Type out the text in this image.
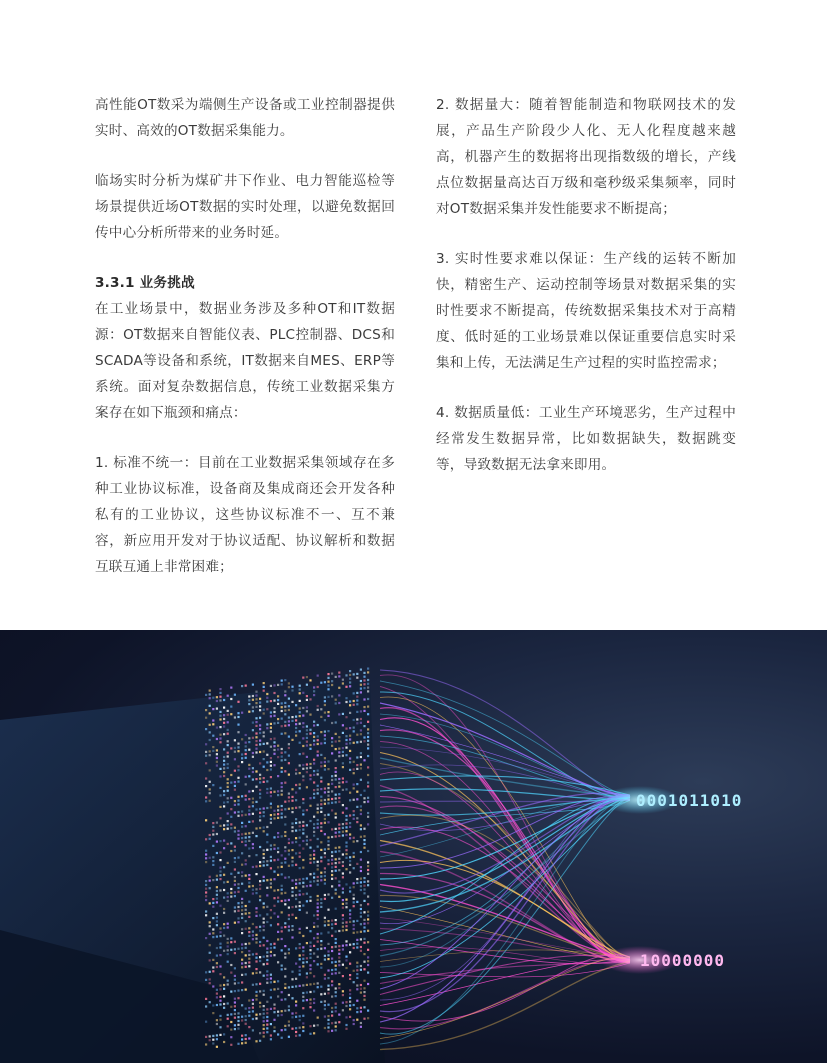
高性能OT数采为端侧生产设备或工业控制器提供实时、高效的OT数据采集能力。

临场实时分析为煤矿井下作业、电力智能巡检等场景提供近场OT数据的实时处理，以避免数据回传中心分析所带来的业务时延。

3.3.1 业务挑战

在工业场景中，数据业务涉及多种OT和IT数据源：OT数据来自智能仪表、PLC控制器、DCS和SCADA等设备和系统，IT数据来自MES、ERP等系统。面对复杂数据信息，传统工业数据采集方案存在如下瓶颈和痛点：

1. 标准不统一：目前在工业数据采集领域存在多种工业协议标准，设备商及集成商还会开发各种私有的工业协议，这些协议标准不一、互不兼容，新应用开发对于协议适配、协议解析和数据互联互通上非常困难；

2. 数据量大：随着智能制造和物联网技术的发展，产品生产阶段少人化、无人化程度越来越高，机器产生的数据将出现指数级的增长，产线点位数据量高达百万级和毫秒级采集频率，同时对OT数据采集并发性能要求不断提高；

3. 实时性要求难以保证：生产线的运转不断加快，精密生产、运动控制等场景对数据采集的实时性要求不断提高，传统数据采集技术对于高精度、低时延的工业场景难以保证重要信息实时采集和上传，无法满足生产过程的实时监控需求；

4. 数据质量低：工业生产环境恶劣，生产过程中经常发生数据异常，比如数据缺失，数据跳变等，导致数据无法拿来即用。

0001011010
10000000
